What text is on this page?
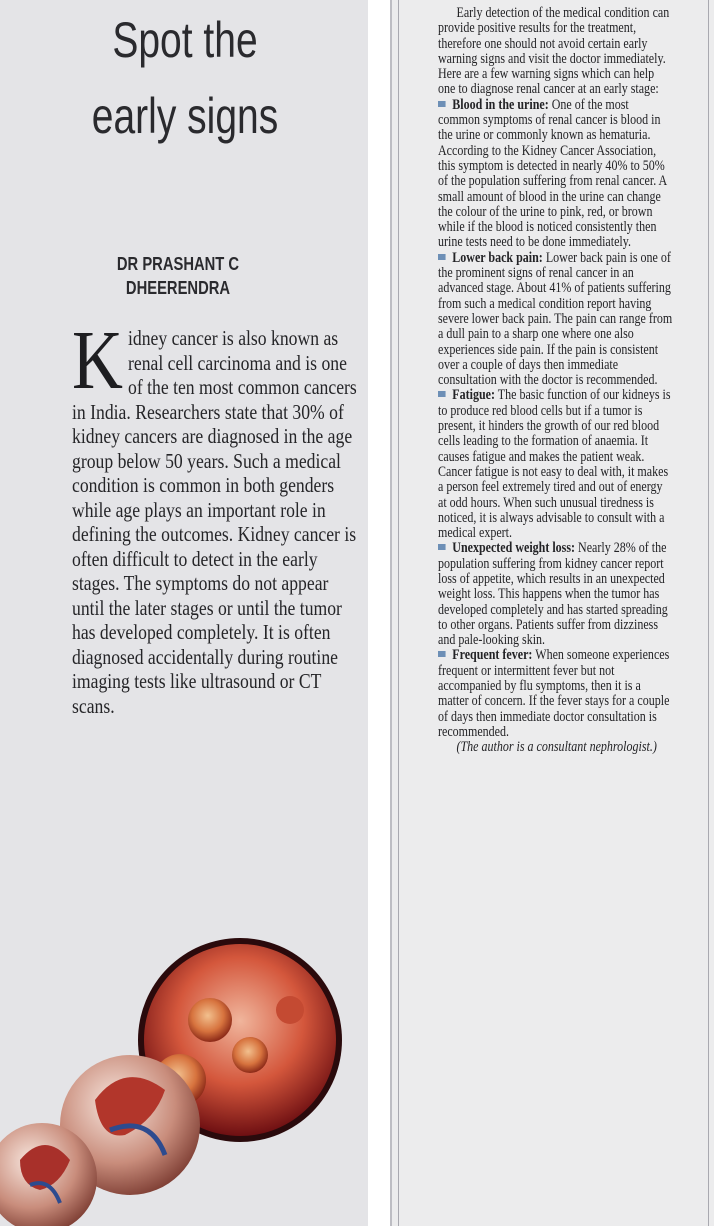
Spot the early signs
DR PRASHANT C DHEERENDRA

Kidney cancer is also known as renal cell carcinoma and is one of the ten most common cancers in India. Researchers state that 30% of kidney cancers are diagnosed in the age group below 50 years. Such a medical condition is common in both genders while age plays an important role in defining the outcomes. Kidney cancer is often difficult to detect in the early stages. The symptoms do not appear until the later stages or until the tumor has developed completely. It is often diagnosed accidentally during routine imaging tests like ultrasound or CT scans.

Early detection of the medical condition can provide positive results for the treatment, therefore one should not avoid certain early warning signs and visit the doctor immediately. Here are a few warning signs which can help one to diagnose renal cancer at an early stage:

Blood in the urine: One of the most common symptoms of renal cancer is blood in the urine or commonly known as hematuria. According to the Kidney Cancer Association, this symptom is detected in nearly 40% to 50% of the population suffering from renal cancer. A small amount of blood in the urine can change the colour of the urine to pink, red, or brown while if the blood is noticed consistently then urine tests need to be done immediately.

Lower back pain: Lower back pain is one of the prominent signs of renal cancer in an advanced stage. About 41% of patients suffering from such a medical condition report having severe lower back pain. The pain can range from a dull pain to a sharp one where one also experiences side pain. If the pain is consistent over a couple of days then immediate consultation with the doctor is recommended.

Fatigue: The basic function of our kidneys is to produce red blood cells but if a tumor is present, it hinders the growth of our red blood cells leading to the formation of anaemia. It causes fatigue and makes the patient weak. Cancer fatigue is not easy to deal with, it makes a person feel extremely tired and out of energy at odd hours. When such unusual tiredness is noticed, it is always advisable to consult with a medical expert.

Unexpected weight loss: Nearly 28% of the population suffering from kidney cancer report loss of appetite, which results in an unexpected weight loss. This happens when the tumor has developed completely and has started spreading to other organs. Patients suffer from dizziness and pale-looking skin.

Frequent fever: When someone experiences frequent or intermittent fever but not accompanied by flu symptoms, then it is a matter of concern. If the fever stays for a couple of days then immediate doctor consultation is recommended.

(The author is a consultant nephrologist.)
